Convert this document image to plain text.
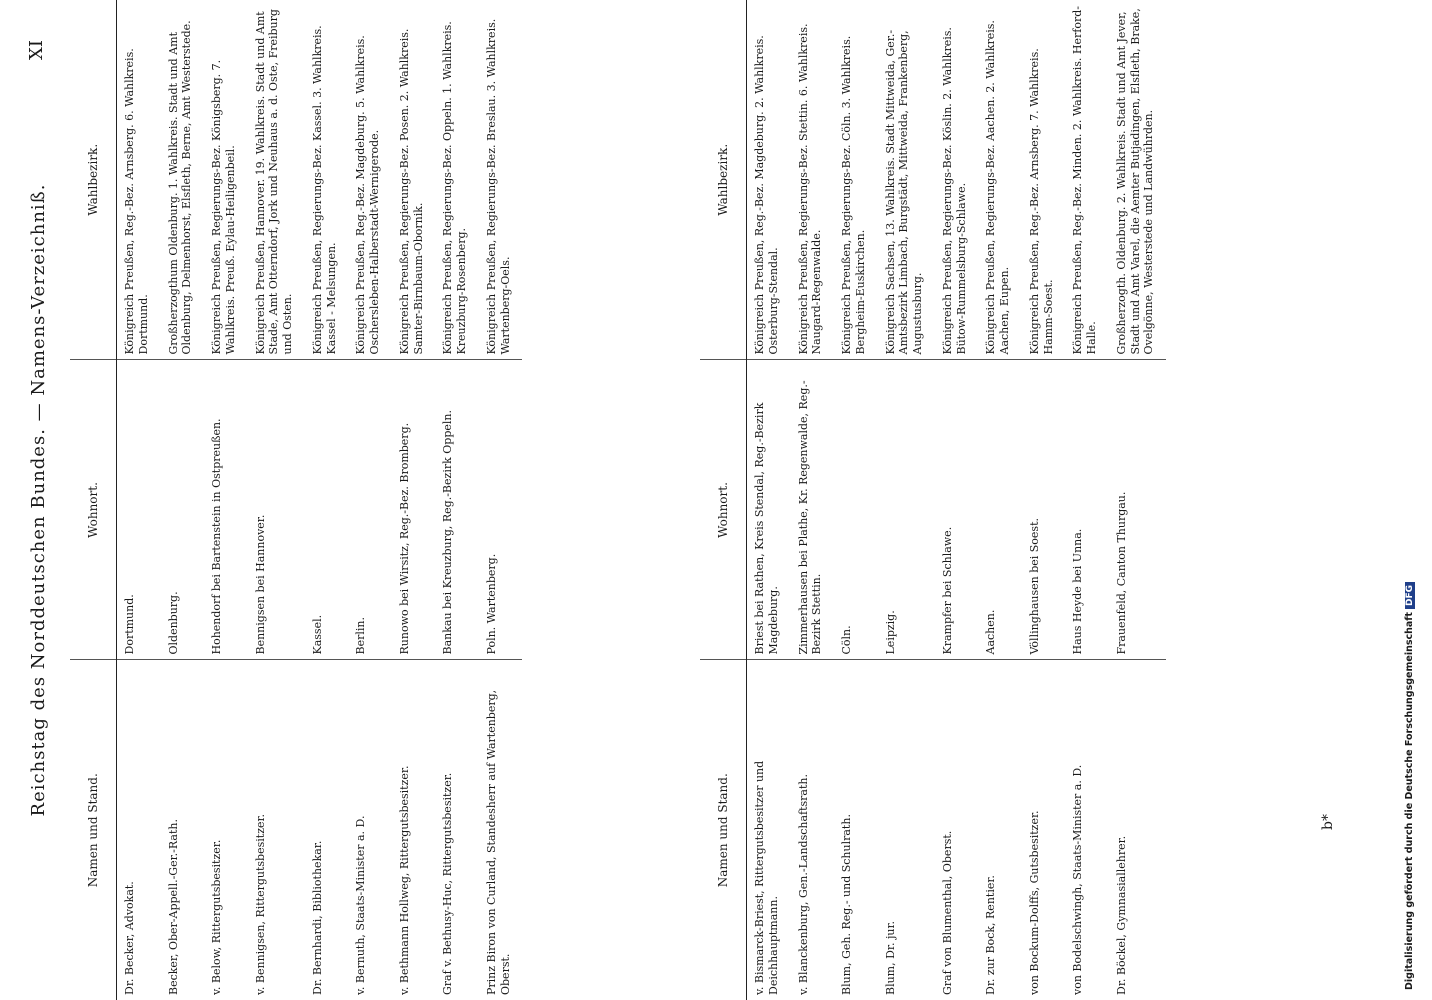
Reichstag des Norddeutschen Bundes. — Namens-Verzeichniß.
XI
Namen und Stand.	Wohnort.	Wahlbezirk.
Dr. Becker, Advokat.	Dortmund.	Königreich Preußen, Reg.-Bez. Arnsberg. 6. Wahlkreis. Dortmund.
Becker, Ober-Appell.-Ger.-Rath.	Oldenburg.	Großherzogthum Oldenburg. 1. Wahlkreis. Stadt und Amt Oldenburg, Delmenhorst, Elsfleth, Berne, Amt Westerstede.
v. Below, Rittergutsbesitzer.	Hohendorf bei Bartenstein in Ostpreußen.	Königreich Preußen, Regierungs-Bez. Königsberg. 7. Wahlkreis. Preuß. Eylau-Heiligenbeil.
v. Bennigsen, Rittergutsbesitzer.	Bennigsen bei Hannover.	Königreich Preußen, Hannover. 19. Wahlkreis. Stadt und Amt Stade, Amt Otterndorf, Jork und Neuhaus a. d. Oste, Freiburg und Osten.
Dr. Bernhardi, Bibliothekar.	Kassel.	Königreich Preußen, Regierungs-Bez. Kassel. 3. Wahlkreis. Kassel - Melsungen.
v. Bernuth, Staats-Minister a. D.	Berlin.	Königreich Preußen, Reg.-Bez. Magdeburg. 5. Wahlkreis. Oschersleben-Halberstadt-Wernigerode.
v. Bethmann Hollweg, Rittergutsbesitzer.	Runowo bei Wirsitz, Reg.-Bez. Bromberg.	Königreich Preußen, Regierungs-Bez. Posen. 2. Wahlkreis. Samter-Birnbaum-Obornik.
Graf v. Bethusy-Huc, Rittergutsbesitzer.	Bankau bei Kreuzburg, Reg.-Bezirk Oppeln.	Königreich Preußen, Regierungs-Bez. Oppeln. 1. Wahlkreis. Kreuzburg-Rosenberg.
Prinz Biron von Curland, Standesherr auf Wartenberg, Oberst.	Poln. Wartenberg.	Königreich Preußen, Regierungs-Bez. Breslau. 3. Wahlkreis. Wartenberg-Oels.
Namen und Stand.	Wohnort.	Wahlbezirk.
v. Bismarck-Briest, Rittergutsbesitzer und Deichhauptmann.	Briest bei Rathen, Kreis Stendal, Reg.-Bezirk Magdeburg.	Königreich Preußen, Reg.-Bez. Magdeburg. 2. Wahlkreis. Osterburg-Stendal.
v. Blanckenburg, Gen.-Landschaftsrath.	Zimmerhausen bei Plathe, Kr. Regenwalde, Reg.-Bezirk Stettin.	Königreich Preußen, Regierungs-Bez. Stettin. 6. Wahlkreis. Naugard-Regenwalde.
Blum, Geh. Reg.- und Schulrath.	Cöln.	Königreich Preußen, Regierungs-Bez. Cöln. 3. Wahlkreis. Bergheim-Euskirchen.
Blum, Dr. jur.	Leipzig.	Königreich Sachsen, 13. Wahlkreis. Stadt Mittweida, Ger.-Amtsbezirk Limbach, Burgstädt, Mittweida, Frankenberg, Augustusburg.
Graf von Blumenthal, Oberst.	Krampfer bei Schlawe.	Königreich Preußen, Regierungs-Bez. Köslin. 2. Wahlkreis. Bütow-Rummelsburg-Schlawe.
Dr. zur Bock, Rentier.	Aachen.	Königreich Preußen, Regierungs-Bez. Aachen. 2. Wahlkreis. Aachen, Eupen.
von Bockum-Dolffs, Gutsbesitzer.	Völlinghausen bei Soest.	Königreich Preußen, Reg.-Bez. Arnsberg. 7. Wahlkreis. Hamm-Soest.
von Bodelschwingh, Staats-Minister a. D.	Haus Heyde bei Unna.	Königreich Preußen, Reg.-Bez. Minden. 2. Wahlkreis. Herford-Halle.
Dr. Böckel, Gymnasiallehrer.	Frauenfeld, Canton Thurgau.	Großherzogth. Oldenburg. 2. Wahlkreis. Stadt und Amt Jever, Stadt und Amt Varel, die Aemter Butjadingen, Elsfleth, Brake, Ovelgönne, Westerstede und Landwührden.
b*	Digitalisierung gefördert durch die Deutsche ForschungsgemeinschaftDFG
